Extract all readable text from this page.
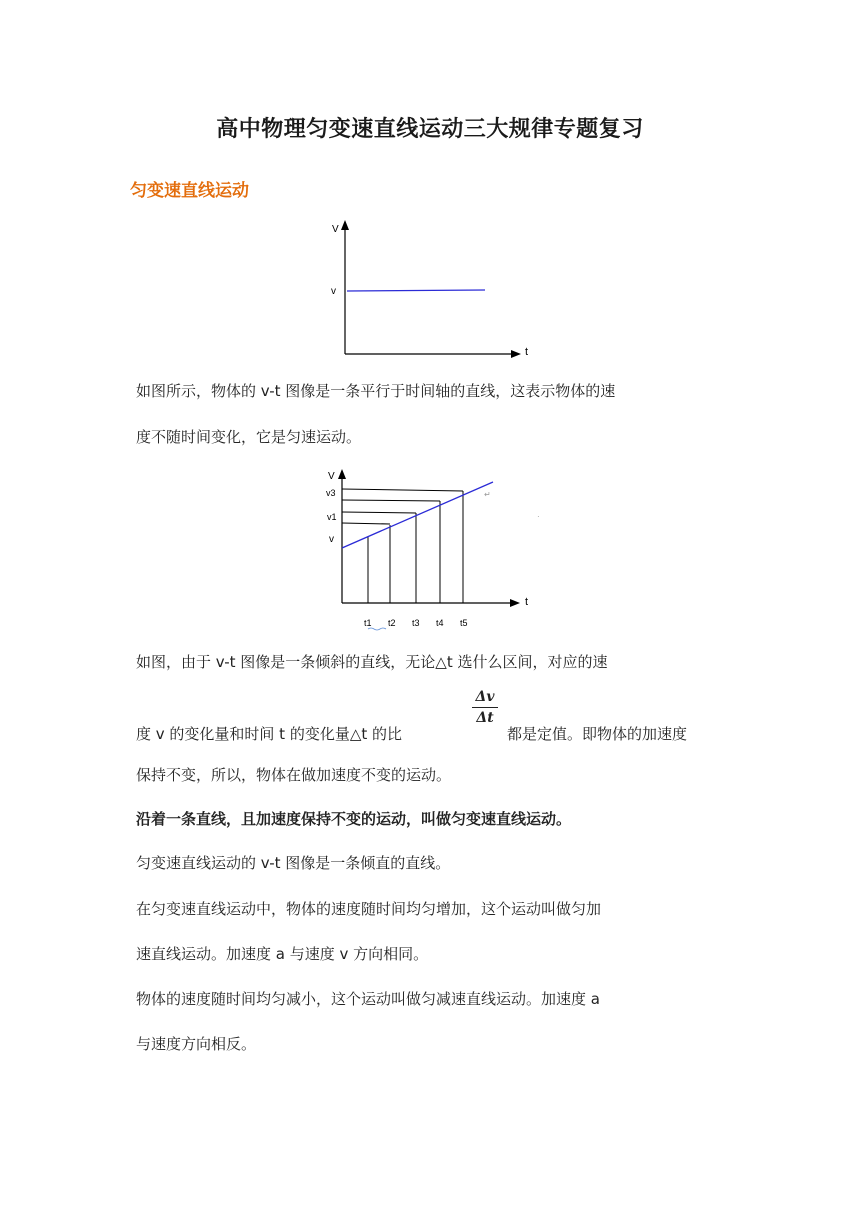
高中物理匀变速直线运动三大规律专题复习
匀变速直线运动
V
v
t
如图所示，物体的 v-t 图像是一条平行于时间轴的直线，这表示物体的速
度不随时间变化，它是匀速运动。
V
v3
v1
v
t
t1 t2 t3 t4 t5
↵
·
如图，由于 v-t 图像是一条倾斜的直线，无论△t 选什么区间，对应的速
度 v 的变化量和时间 t 的变化量△t 的比
Δv
Δt
都是定值。即物体的加速度
保持不变，所以，物体在做加速度不变的运动。
沿着一条直线，且加速度保持不变的运动，叫做匀变速直线运动。
匀变速直线运动的 v-t 图像是一条倾直的直线。
在匀变速直线运动中，物体的速度随时间均匀增加，这个运动叫做匀加
速直线运动。加速度 a 与速度 v 方向相同。
物体的速度随时间均匀减小，这个运动叫做匀减速直线运动。加速度 a
与速度方向相反。
